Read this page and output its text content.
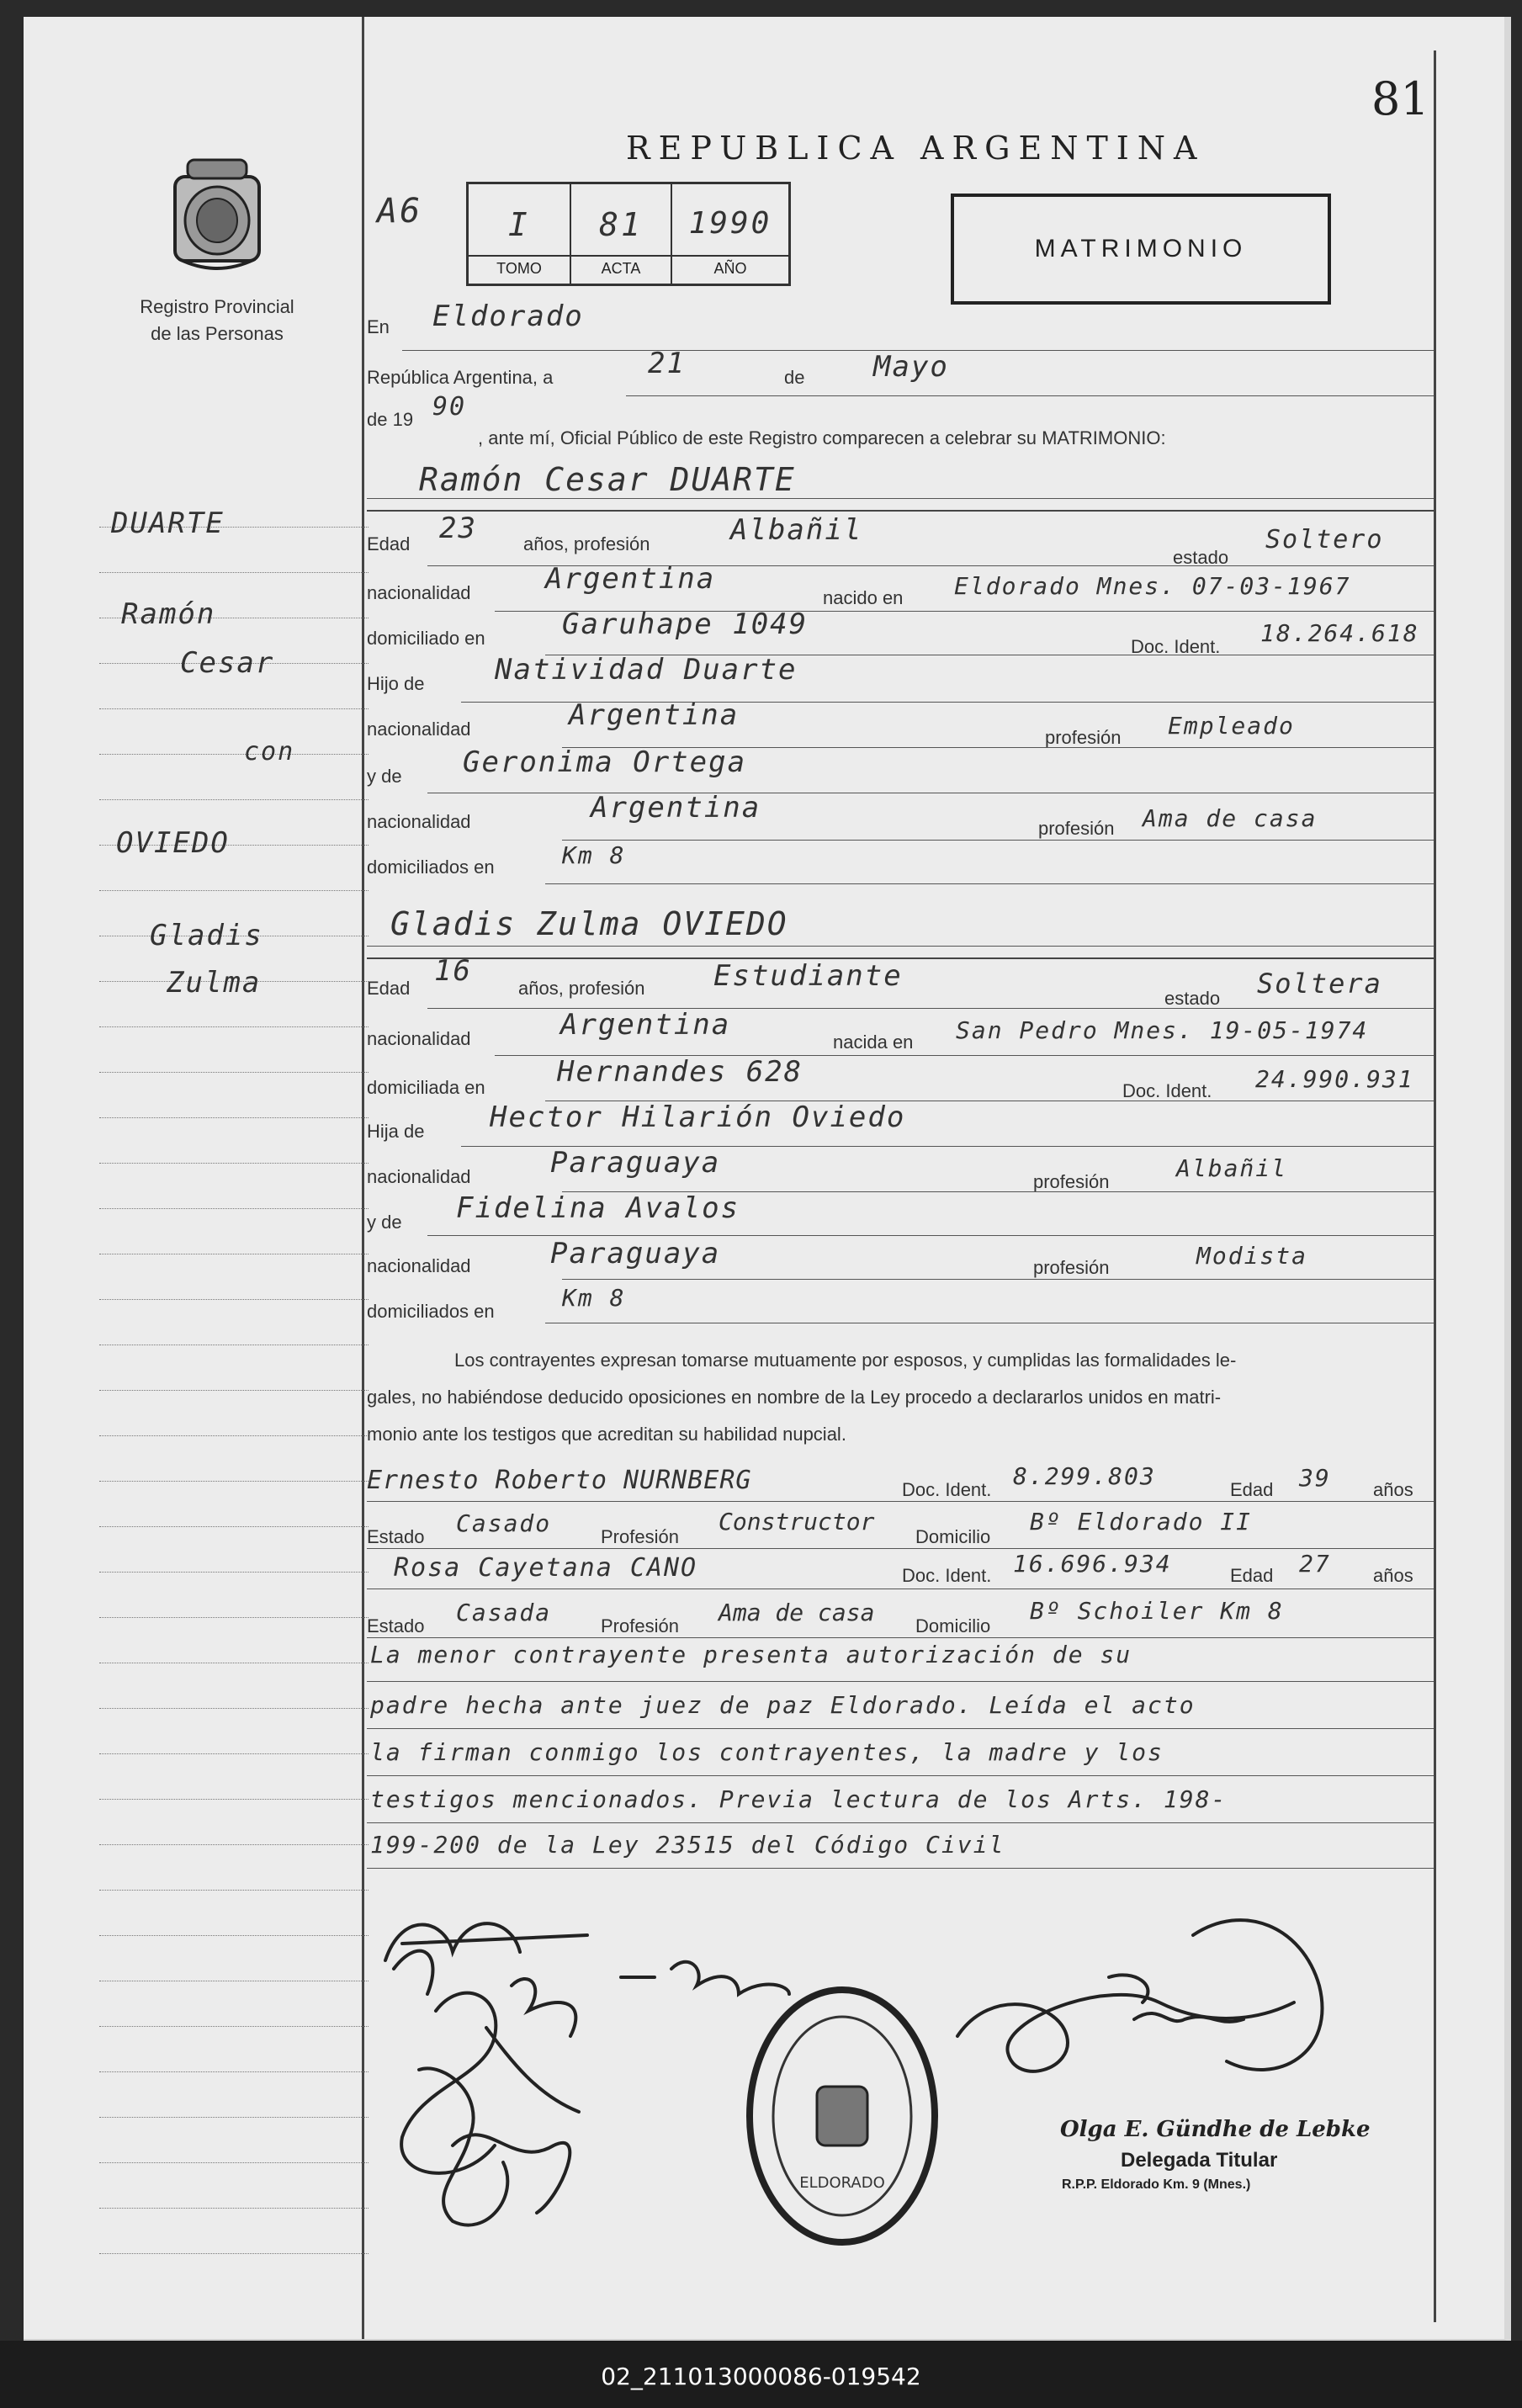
81
REPUBLICA ARGENTINA
Registro Provincial
de las Personas
A6	I	81	1990
TOMO	ACTA	AÑO
MATRIMONIO
En Eldorado
República Argentina, a	21	de Mayo
de 19 90
, ante mí, Oficial Público de este Registro comparecen a celebrar su MATRIMONIO:
Ramón Cesar DUARTE
Edad 23	años, profesión	Albañil
estado
Soltero
nacionalidad	Argentina
nacido en Eldorado Mnes. 07-03-1967
domiciliado en	Garuhape 1049
Doc. Ident. 18.264.618
Hijo de Natividad Duarte
nacionalidad	Argentina
profesión Empleado
y de Geronima Ortega
nacionalidad	Argentina
profesión Ama de casa
domiciliados en	Km 8
Gladis Zulma OVIEDO
Edad
16
años, profesión Estudiante
estado Soltera
nacionalidad	Argentina
nacida en San Pedro Mnes. 19-05-1974
domiciliada en	Hernandes 628
Doc. Ident. 24.990.931
Hija de Hector Hilarión Oviedo
nacionalidad	Paraguaya
profesión	Albañil
y de Fidelina Avalos
nacionalidad	Paraguaya	profesión	Modista
domiciliados en	Km 8
Los contrayentes expresan tomarse mutuamente por esposos, y cumplidas las formalidades le-
gales, no habiéndose deducido oposiciones en nombre de la Ley procedo a declararlos unidos en matri-
monio ante los testigos que acreditan su habilidad nupcial.
Ernesto Roberto NURNBERG	Doc. Ident. 8.299.803	Edad 39 años
Estado Casado	Profesión
Constructor
Domicilio
Bº Eldorado II
Rosa Cayetana CANO	Doc. Ident. 16.696.934	Edad 27 años
Estado Casada	Profesión Ama de casa Domicilio
Bº Schoiler Km 8
La menor contrayente presenta autorización de su
padre hecha ante juez de paz Eldorado. Leída el acto
la firman conmigo los contrayentes, la madre y los
testigos mencionados. Previa lectura de los Arts. 198-
199-200 de la Ley 23515 del Código Civil
DUARTE
Ramón
Cesar
con
OVIEDO
Gladis
Zulma
ELDORADO
Olga E. Gündhe de Lebke
Delegada Titular
R.P.P. Eldorado Km. 9 (Mnes.)
02_211013000086-019542
